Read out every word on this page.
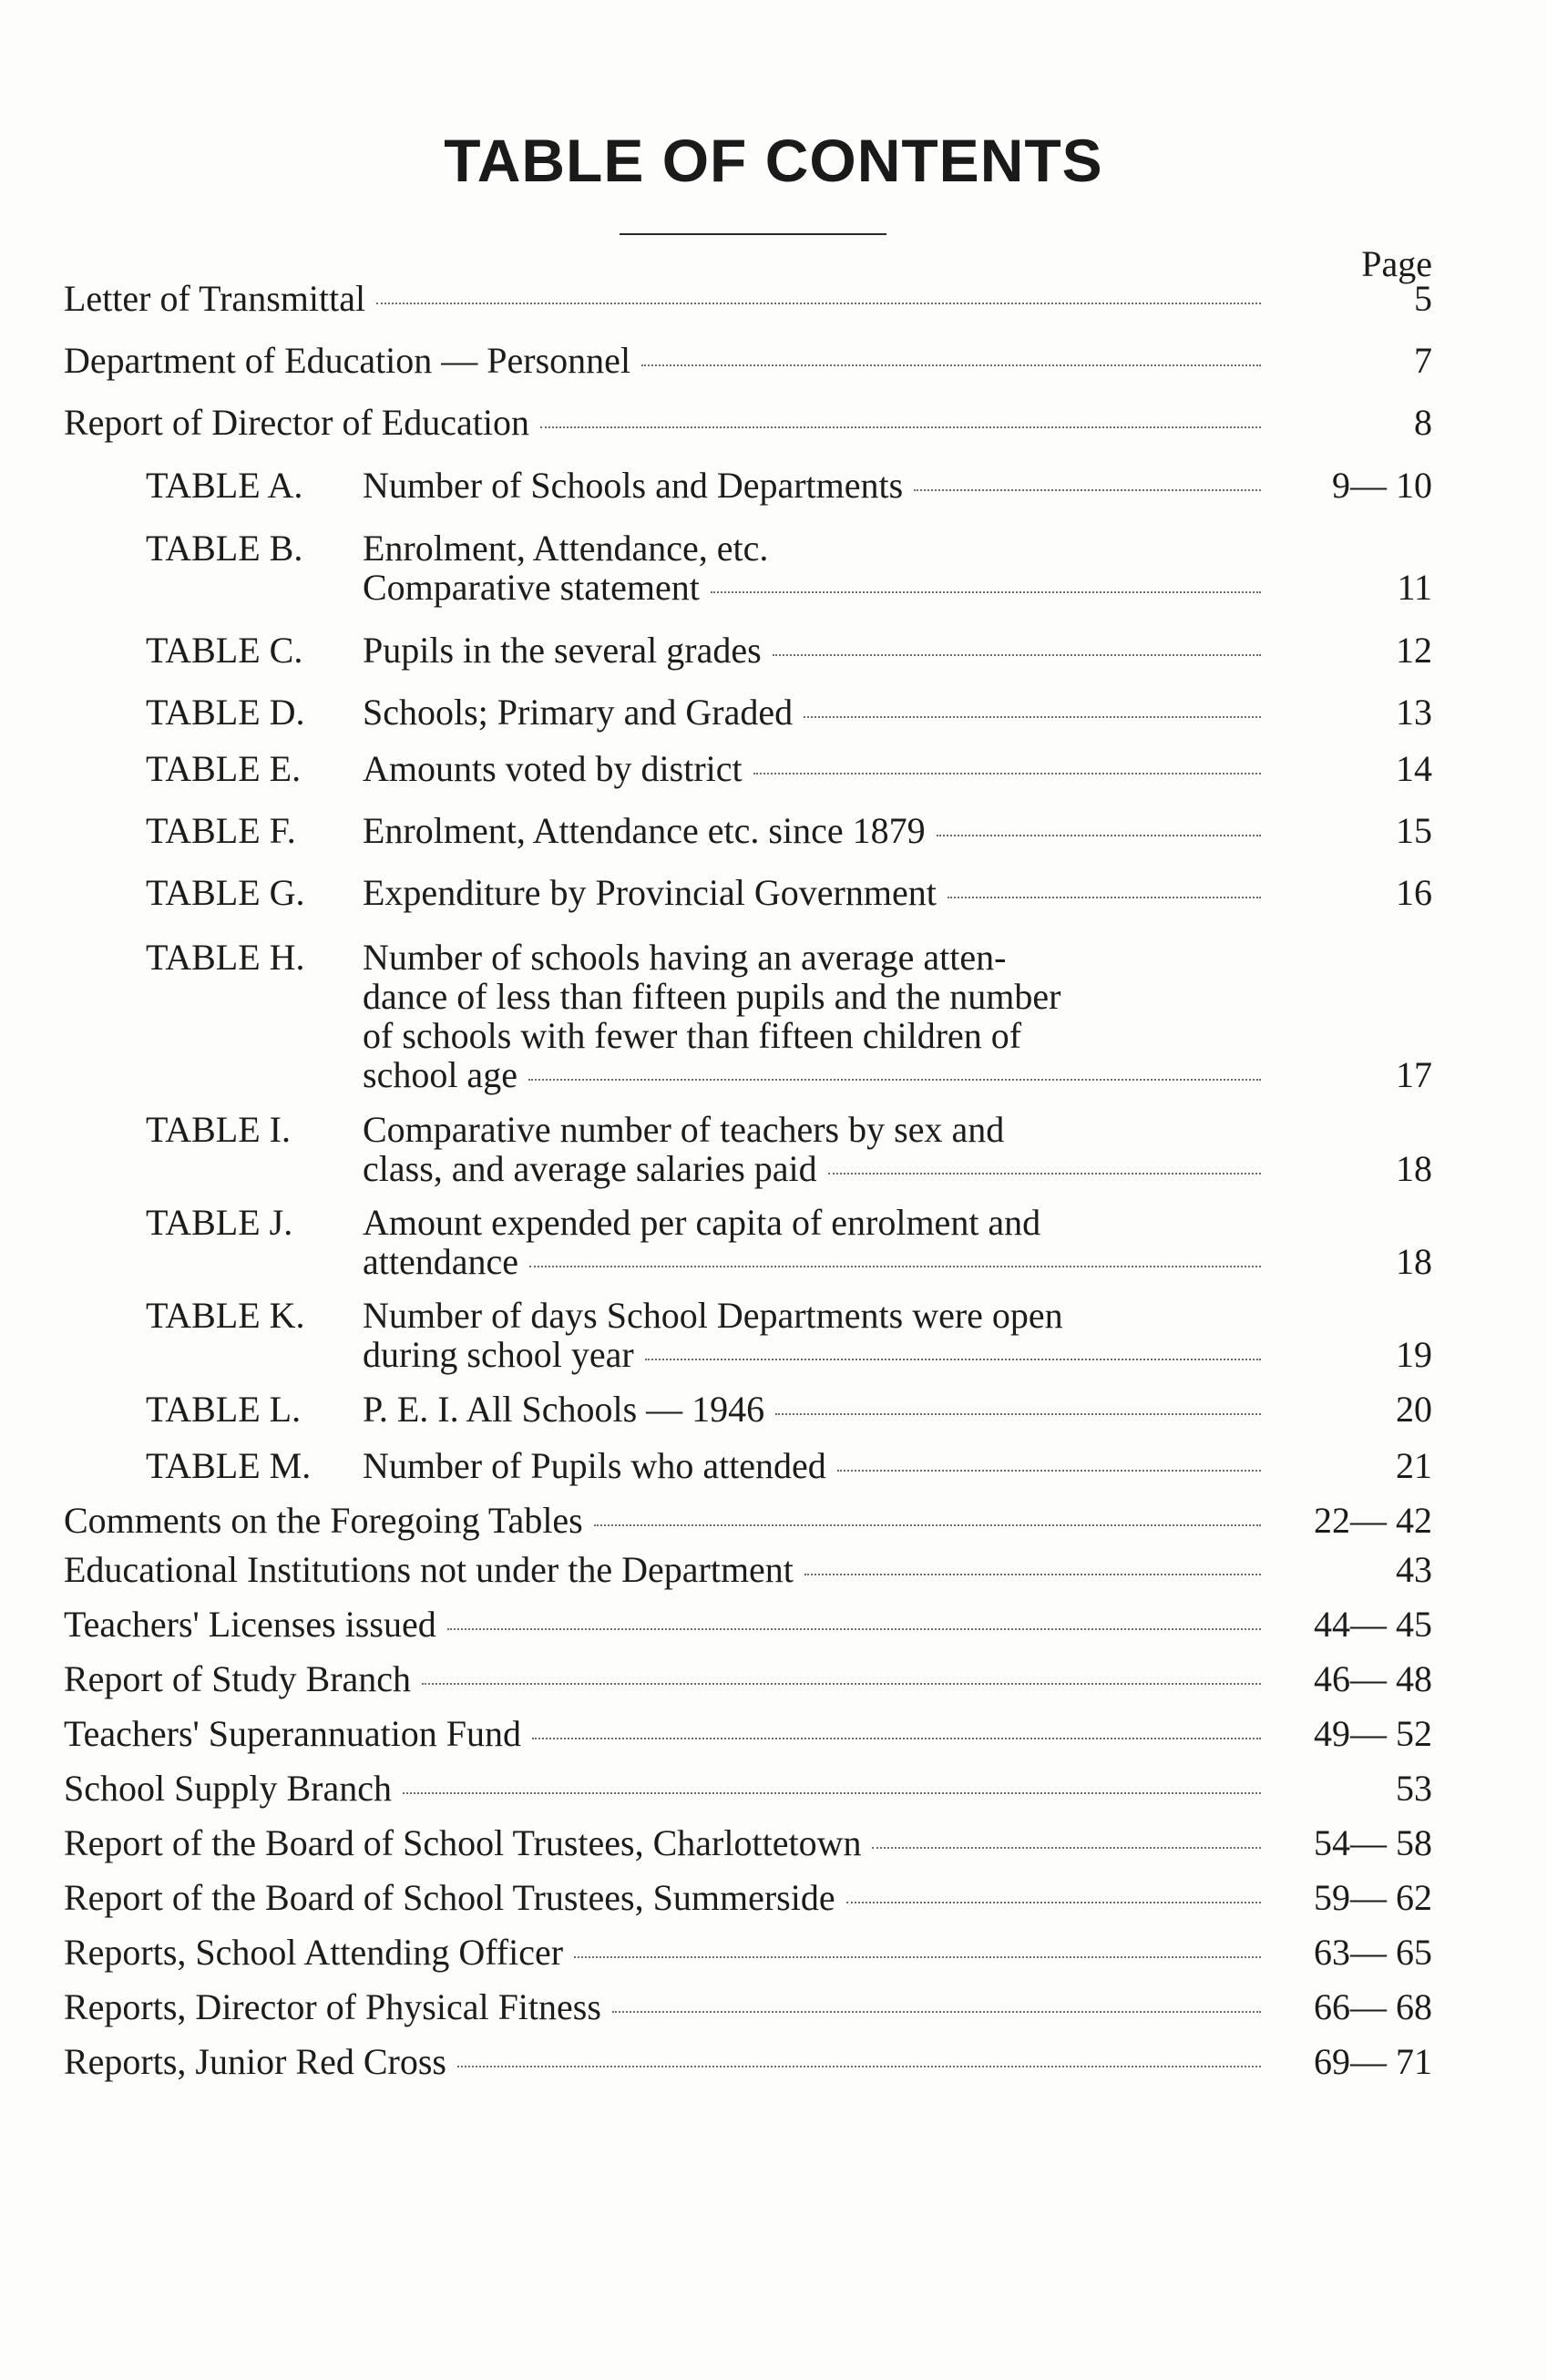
TABLE OF CONTENTS
Page
Letter of Transmittal	5
Department of Education — Personnel	7
Report of Director of Education	8
TABLE A.	Number of Schools and Departments	9— 10
TABLE B.	Enrolment, Attendance, etc.
Comparative statement	11
TABLE C.	Pupils in the several grades	12
TABLE D.	Schools; Primary and Graded	13
TABLE E.	Amounts voted by district	14
TABLE F.	Enrolment, Attendance etc. since 1879	15
TABLE G.	Expenditure by Provincial Government	16
TABLE H.	Number of schools having an average atten-
dance of less than fifteen pupils and the number
of schools with fewer than fifteen children of
school age	17
TABLE I.	Comparative number of teachers by sex and
class, and average salaries paid	18
TABLE J.	Amount expended per capita of enrolment and
attendance	18
TABLE K.	Number of days School Departments were open
during school year	19
TABLE L.	P. E. I. All Schools — 1946	20
TABLE M.	Number of Pupils who attended	21
Comments on the Foregoing Tables	22— 42
Educational Institutions not under the Department	43
Teachers' Licenses issued	44— 45
Report of Study Branch	46— 48
Teachers' Superannuation Fund	49— 52
School Supply Branch	53
Report of the Board of School Trustees, Charlottetown	54— 58
Report of the Board of School Trustees, Summerside	59— 62
Reports, School Attending Officer	63— 65
Reports, Director of Physical Fitness	66— 68
Reports, Junior Red Cross	69— 71
